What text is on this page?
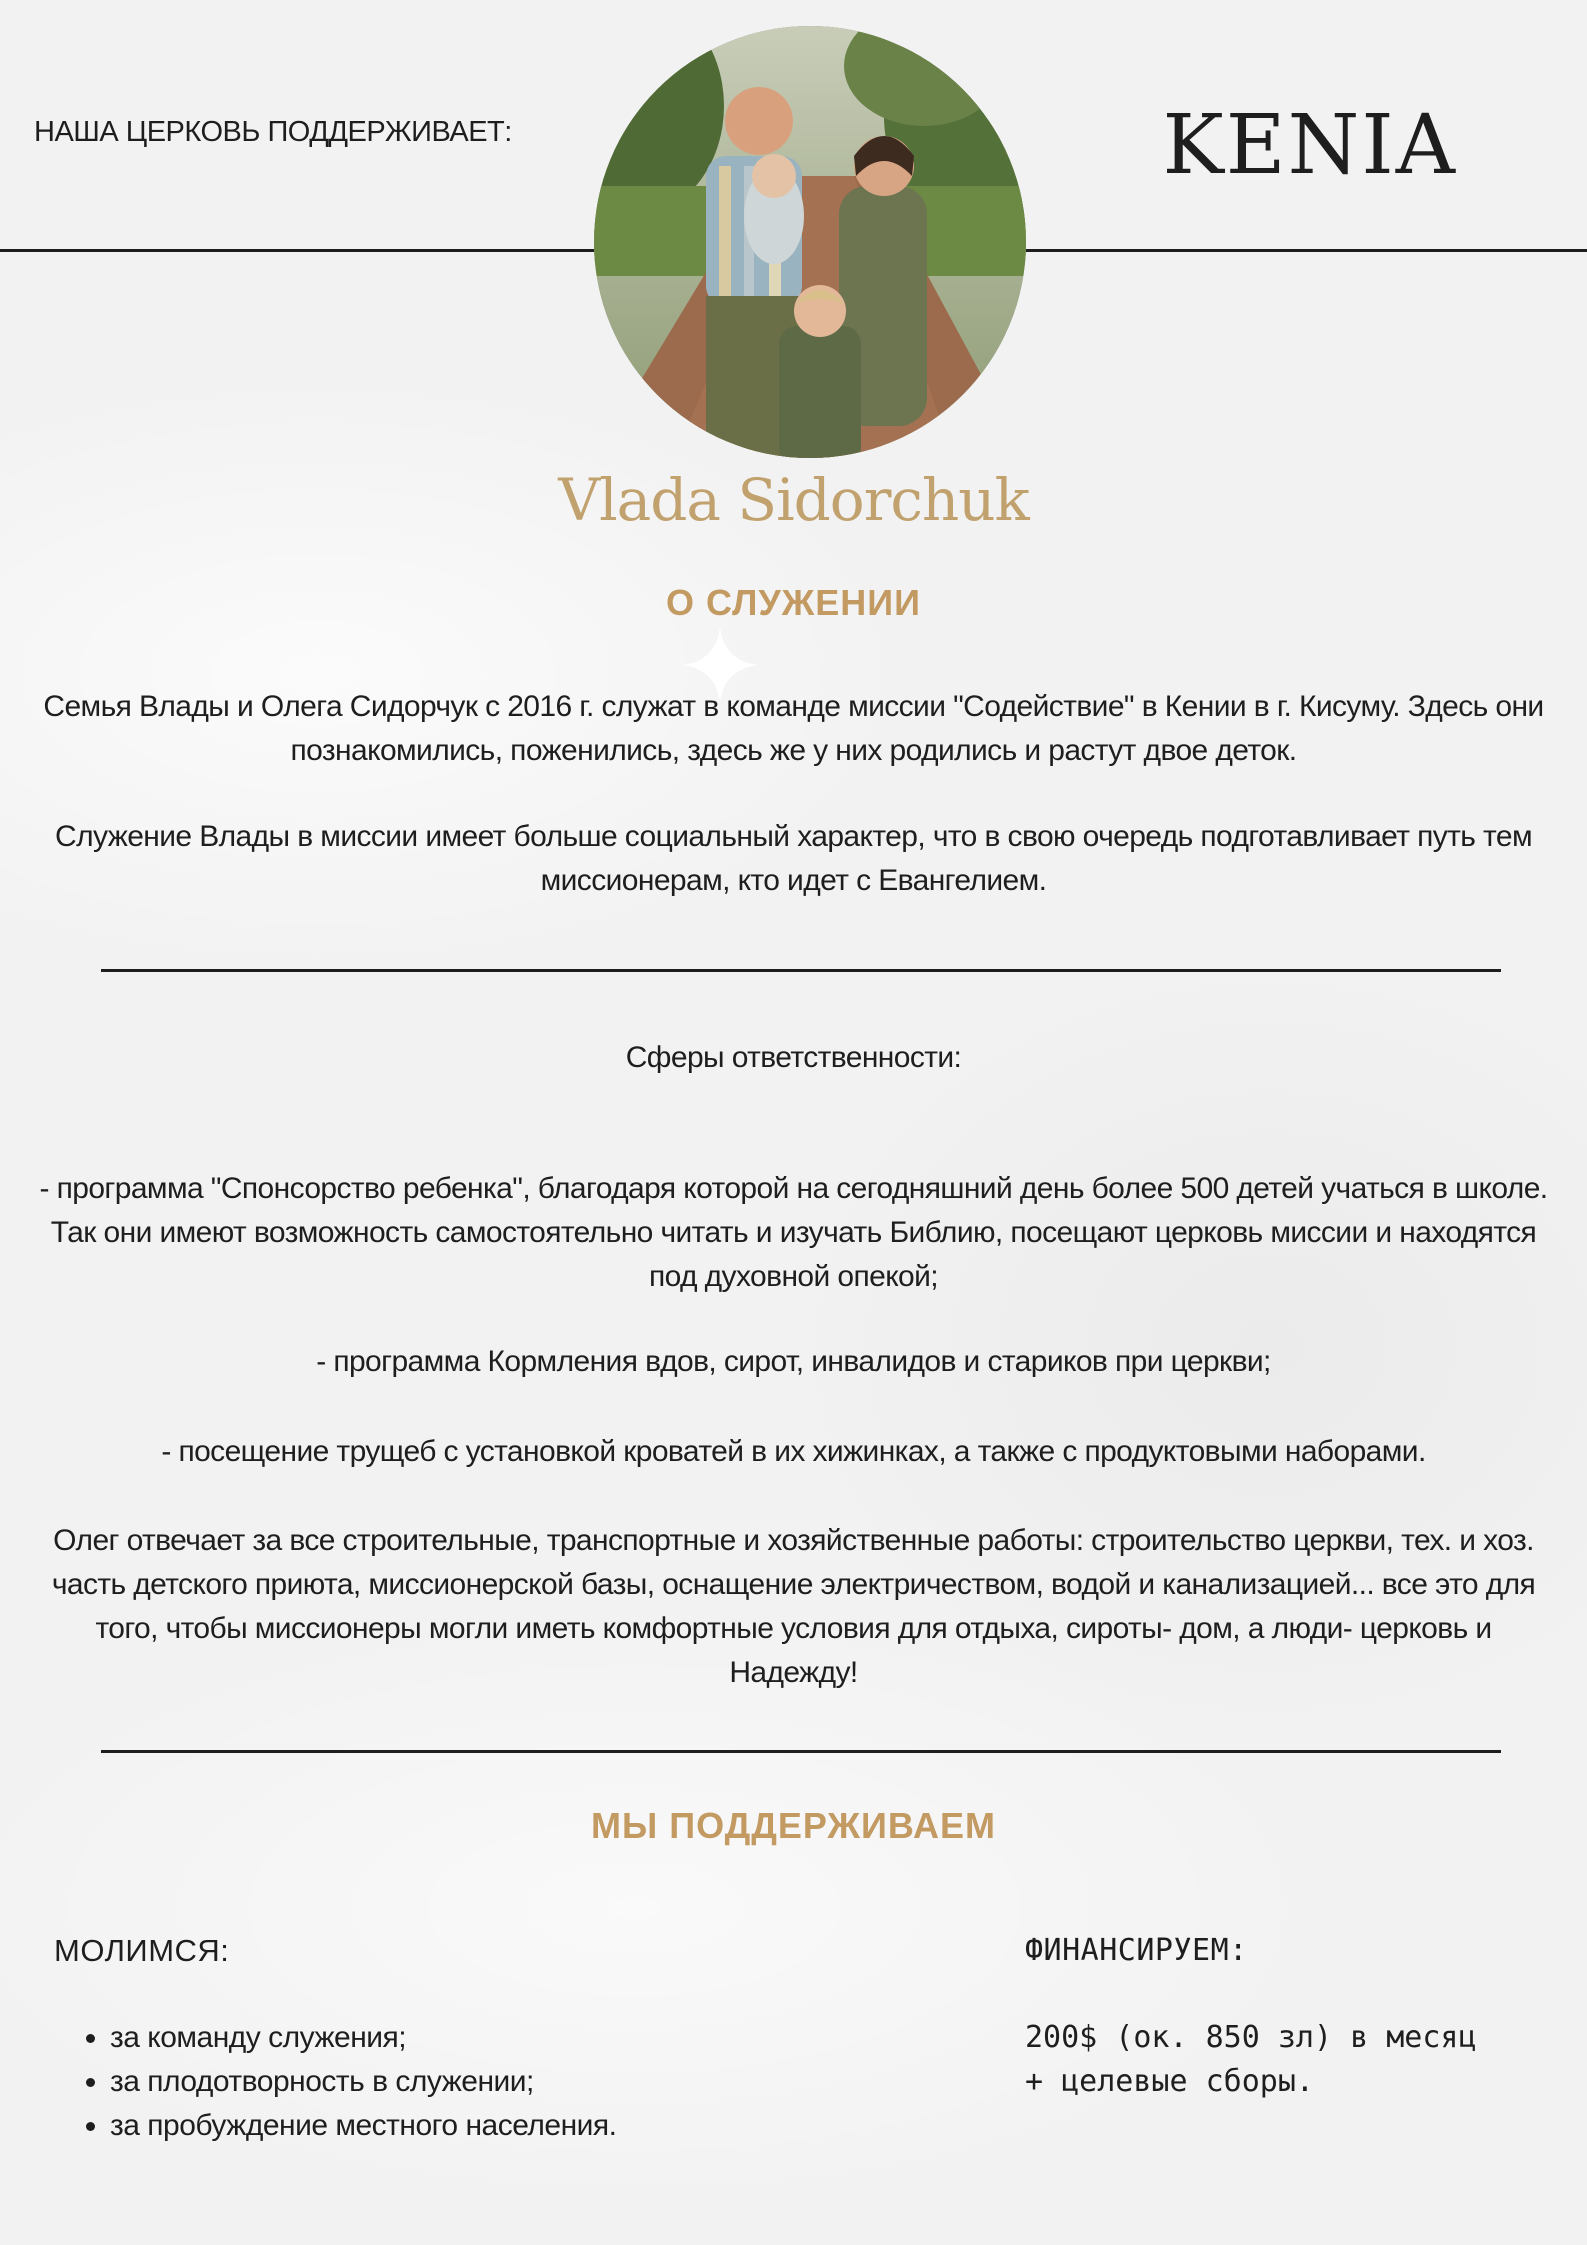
НАША ЦЕРКОВЬ ПОДДЕРЖИВАЕТ:	KENIA
Vlada Sidorchuk
О СЛУЖЕНИИ
Семья Влады и Олега Сидорчук с 2016 г. служат в команде миссии "Содействие" в Кении в г. Кисуму. Здесь они познакомились, поженились, здесь же у них родились и растут двое деток.
Служение Влады в миссии имеет больше социальный характер, что в свою очередь подготавливает путь тем миссионерам, кто идет с Евангелием.
Сферы ответственности:
- программа "Спонсорство ребенка", благодаря которой на сегодняшний день более 500 детей учаться в школе. Так они имеют возможность самостоятельно читать и изучать Библию, посещают церковь миссии и находятся под духовной опекой;
- программа Кормления вдов, сирот, инвалидов и стариков при церкви;
- посещение трущеб с установкой кроватей в их хижинках, а также с продуктовыми наборами.
Олег отвечает за все строительные, транспортные и хозяйственные работы: строительство церкви, тех. и хоз. часть детского приюта, миссионерской базы, оснащение электричеством, водой и канализацией... все это для того, чтобы миссионеры могли иметь комфортные условия для отдыха, сироты- дом, а люди- церковь и Надежду!
МЫ ПОДДЕРЖИВАЕМ
МОЛИМСЯ:
• за команду служения;
• за плодотворность в служении;
• за пробуждение местного населения.
ФИНАНСИРУЕМ:
200$ (ок. 850 зл) в месяц
+ целевые сборы.
